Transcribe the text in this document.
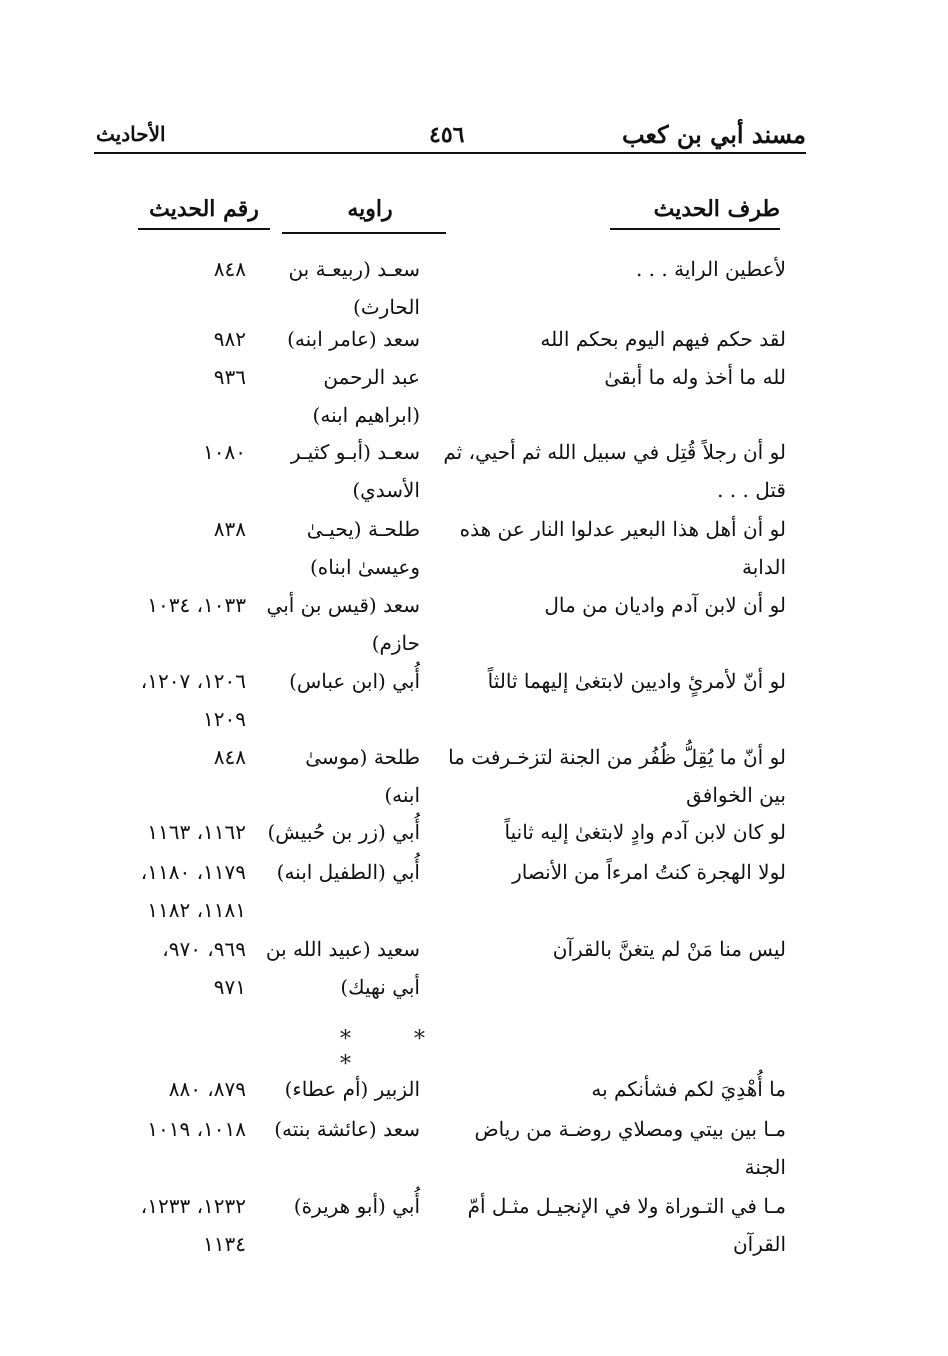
مسند أبي بن كعب
٤٥٦
الأحاديث
طرف الحديث
راويه
رقم الحديث
لأعطين الراية . . .
سعـد (ربيعـة بن
الحارث)
٨٤٨
لقد حكم فيهم اليوم بحكم الله
سعد (عامر ابنه)
٩٨٢
لله ما أخذ وله ما أبقىٰ
عبد الرحمن
(ابراهيم ابنه)
٩٣٦
لو أن رجلاً قُتِل في سبيل الله ثم أحيي، ثم
قتل . . .
سعـد (أبـو كثيـر
الأسدي)
١٠٨٠
لو أن أهل هذا البعير عدلوا النار عن هذه
الدابة
طلحـة (يحيـىٰ
وعيسىٰ ابناه)
٨٣٨
لو أن لابن آدم واديان من مال
سعد (قيس بن أبي
حازم)
١٠٣٣، ١٠٣٤
لو أنّ لأمرئٍ واديين لابتغىٰ إليهما ثالثاً
أُبي (ابن عباس)
١٢٠٦، ١٢٠٧،
١٢٠٩
لو أنّ ما يُقِلُّ ظُفُر من الجنة لتزخـرفت ما
بين الخوافق
طلحة (موسىٰ ابنه)
٨٤٨
لو كان لابن آدم وادٍ لابتغىٰ إليه ثانياً
أُبي (زر بن حُبيش)
١١٦٢، ١١٦٣
لولا الهجرة كنتُ امرءاً من الأنصار
أُبي (الطفيل ابنه)
١١٧٩، ١١٨٠،
١١٨١، ١١٨٢
ليس منا مَنْ لم يتغنَّ بالقرآن
سعيد (عبيد الله بن
أبي نهيك)
٩٦٩، ٩٧٠،
٩٧١
* * *
ما أُهْدِيَ لكم فشأنكم به
الزبير (أم عطاء)
٨٧٩، ٨٨٠
مـا بين بيتي ومصلاي روضـة من رياض
الجنة
سعد (عائشة بنته)
١٠١٨، ١٠١٩
مـا في التـوراة ولا في الإنجيـل مثـل أمّ
القرآن
أُبي (أبو هريرة)
١٢٣٢، ١٢٣٣،
١١٣٤
